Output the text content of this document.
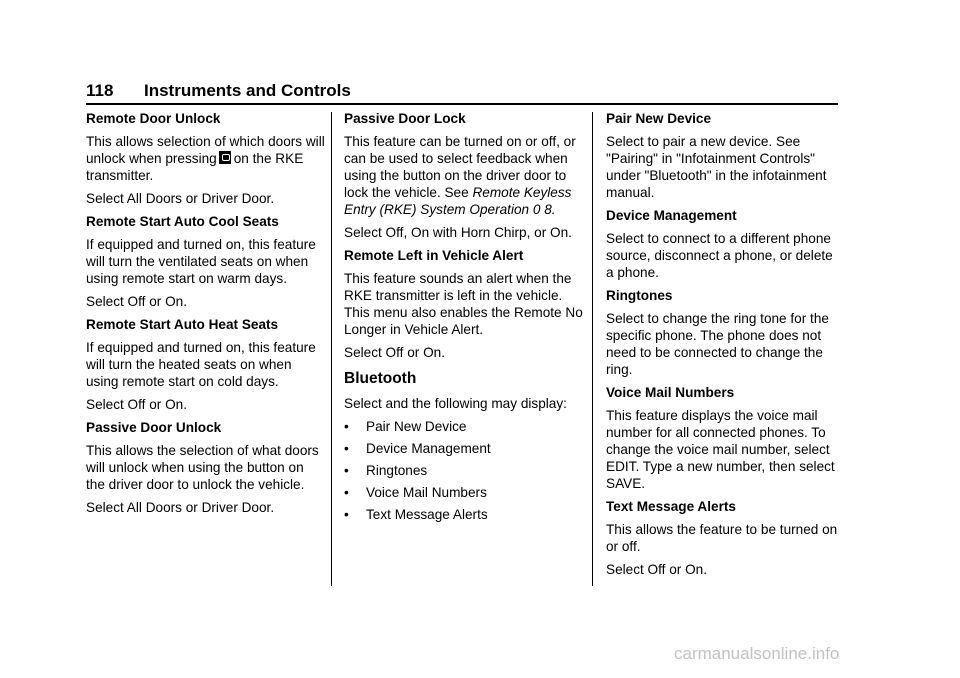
118 Instruments and Controls
Remote Door Unlock

This allows selection of which doors will unlock when pressing on the RKE transmitter.

Select All Doors or Driver Door.

Remote Start Auto Cool Seats

If equipped and turned on, this feature will turn the ventilated seats on when using remote start on warm days.

Select Off or On.

Remote Start Auto Heat Seats

If equipped and turned on, this feature will turn the heated seats on when using remote start on cold days.

Select Off or On.

Passive Door Unlock

This allows the selection of what doors will unlock when using the button on the driver door to unlock the vehicle.

Select All Doors or Driver Door.

Passive Door Lock

This feature can be turned on or off, or can be used to select feedback when using the button on the driver door to lock the vehicle. See Remote Keyless Entry (RKE) System Operation 0 8.

Select Off, On with Horn Chirp, or On.

Remote Left in Vehicle Alert

This feature sounds an alert when the RKE transmitter is left in the vehicle. This menu also enables the Remote No Longer in Vehicle Alert.

Select Off or On.

Bluetooth

Select and the following may display:

• Pair New Device
• Device Management
• Ringtones
• Voice Mail Numbers
• Text Message Alerts
Pair New Device

Select to pair a new device. See "Pairing" in "Infotainment Controls" under "Bluetooth" in the infotainment manual.

Device Management

Select to connect to a different phone source, disconnect a phone, or delete a phone.

Ringtones

Select to change the ring tone for the specific phone. The phone does not need to be connected to change the ring.

Voice Mail Numbers

This feature displays the voice mail number for all connected phones. To change the voice mail number, select EDIT. Type a new number, then select SAVE.

Text Message Alerts

This allows the feature to be turned on or off.

Select Off or On.

carmanualsonline.info
